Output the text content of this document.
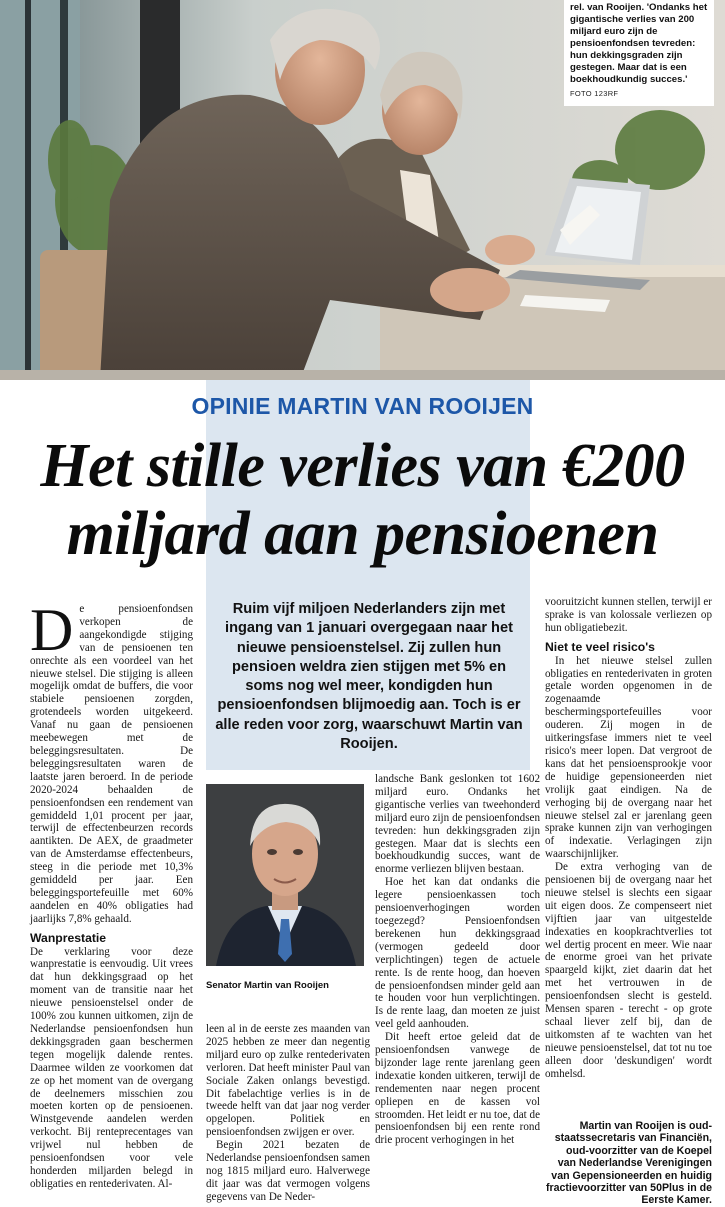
rel. van Rooijen. 'Ondanks het gigantische verlies van 200 miljard euro zijn de pensioenfondsen tevreden: hun dekkingsgraden zijn gestegen. Maar dat is een boekhoudkundig succes.'
FOTO 123RF
OPINIE MARTIN VAN ROOIJEN
Het stille verlies van €200
miljard aan pensioenen
Ruim vijf miljoen Nederlanders zijn met ingang van 1 januari overgegaan naar het nieuwe pensioenstelsel. Zij zullen hun pensioen weldra zien stijgen met 5% en soms nog wel meer, kondigden hun pensioenfondsen blijmoedig aan. Toch is er alle reden voor zorg, waarschuwt Martin van Rooijen.
D e pensioenfondsen verkopen de aangekondigde stijging van de pensioenen ten onrechte als een voordeel van het nieuwe stelsel. Die stijging is alleen mogelijk omdat de buffers, die voor stabiele pensioenen zorgden, grotendeels worden uitgekeerd. Vanaf nu gaan de pensioenen meebewegen met de beleggingsresultaten. De beleggingsresultaten waren de laatste jaren beroerd. In de periode 2020-2024 behaalden de pensioenfondsen een rendement van gemiddeld 1,01 procent per jaar, terwijl de effectenbeurzen records aantikten. De AEX, de graadmeter van de Amsterdamse effectenbeurs, steeg in die periode met 10,3% gemiddeld per jaar. Een beleggingsportefeuille met 60% aandelen en 40% obligaties had jaarlijks 7,8% gehaald.

Wanprestatie

De verklaring voor deze wanprestatie is eenvoudig. Uit vrees dat hun dekkingsgraad op het moment van de transitie naar het nieuwe pensioenstelsel onder de 100% zou kunnen uitkomen, zijn de Nederlandse pensioenfondsen hun dekkingsgraden gaan beschermen tegen mogelijk dalende rentes. Daarmee wilden ze voorkomen dat ze op het moment van de overgang de deelnemers misschien zou moeten korten op de pensioenen. Winstgevende aandelen werden verkocht. Bij renteprecentages van vrijwel nul hebben de pensioenfondsen voor vele honderden miljarden belegd in obligaties en rentederivaten. Al-

Senator Martin van Rooijen

leen al in de eerste zes maanden van 2025 hebben ze meer dan negentig miljard euro op zulke rentederivaten verloren. Dat heeft minister Paul van Sociale Zaken onlangs bevestigd. Dit fabelachtige verlies is in de tweede helft van dat jaar nog verder opgelopen. Politiek en pensioenfondsen zwijgen er over.

Begin 2021 bezaten de Nederlandse pensioenfondsen samen nog 1815 miljard euro. Halverwege dit jaar was dat vermogen volgens gegevens van De Neder-

landsche Bank geslonken tot 1602 miljard euro. Ondanks het gigantische verlies van tweehonderd miljard euro zijn de pensioenfondsen tevreden: hun dekkingsgraden zijn gestegen. Maar dat is slechts een boekhoudkundig succes, want de enorme verliezen blijven bestaan.

Hoe het kan dat ondanks die legere pensioenkassen toch pensioenverhogingen worden toegezegd? Pensioenfondsen berekenen hun dekkingsgraad (vermogen gedeeld door verplichtingen) tegen de actuele rente. Is de rente hoog, dan hoeven de pensioenfondsen minder geld aan te houden voor hun verplichtingen. Is de rente laag, dan moeten ze juist veel geld aanhouden.

Dit heeft ertoe geleid dat de pensioenfondsen vanwege de bijzonder lage rente jarenlang geen indexatie konden uitkeren, terwijl de rendementen naar negen procent opliepen en de kassen vol stroomden. Het leidt er nu toe, dat de pensioenfondsen bij een rente rond drie procent verhogingen in het

vooruitzicht kunnen stellen, terwijl er sprake is van kolossale verliezen op hun obligatiebezit.

Niet te veel risico's

In het nieuwe stelsel zullen obligaties en rentederivaten in groten getale worden opgenomen in de zogenaamde beschermingsportefeuilles voor ouderen. Zij mogen in de uitkeringsfase immers niet te veel risico's meer lopen. Dat vergroot de kans dat het pensioensprookje voor de huidige gepensioneerden niet vrolijk gaat eindigen. Na de verhoging bij de overgang naar het nieuwe stelsel zal er jarenlang geen sprake kunnen zijn van verhogingen of indexatie. Verlagingen zijn waarschijnlijker.

De extra verhoging van de pensioenen bij de overgang naar het nieuwe stelsel is slechts een sigaar uit eigen doos. Ze compenseert niet vijftien jaar van uitgestelde indexaties en koopkrachtverlies tot wel dertig procent en meer. Wie naar de enorme groei van het private spaargeld kijkt, ziet daarin dat het met het vertrouwen in de pensioenfondsen slecht is gesteld. Mensen sparen - terecht - op grote schaal liever zelf bij, dan de uitkomsten af te wachten van het nieuwe pensioenstelsel, dat tot nu toe alleen door 'deskundigen' wordt omhelsd.

Martin van Rooijen is oud-staatssecretaris van Financiën, oud-voorzitter van de Koepel van Nederlandse Verenigingen van Gepensioneerden en huidig fractievoorzitter van 50Plus in de Eerste Kamer.
